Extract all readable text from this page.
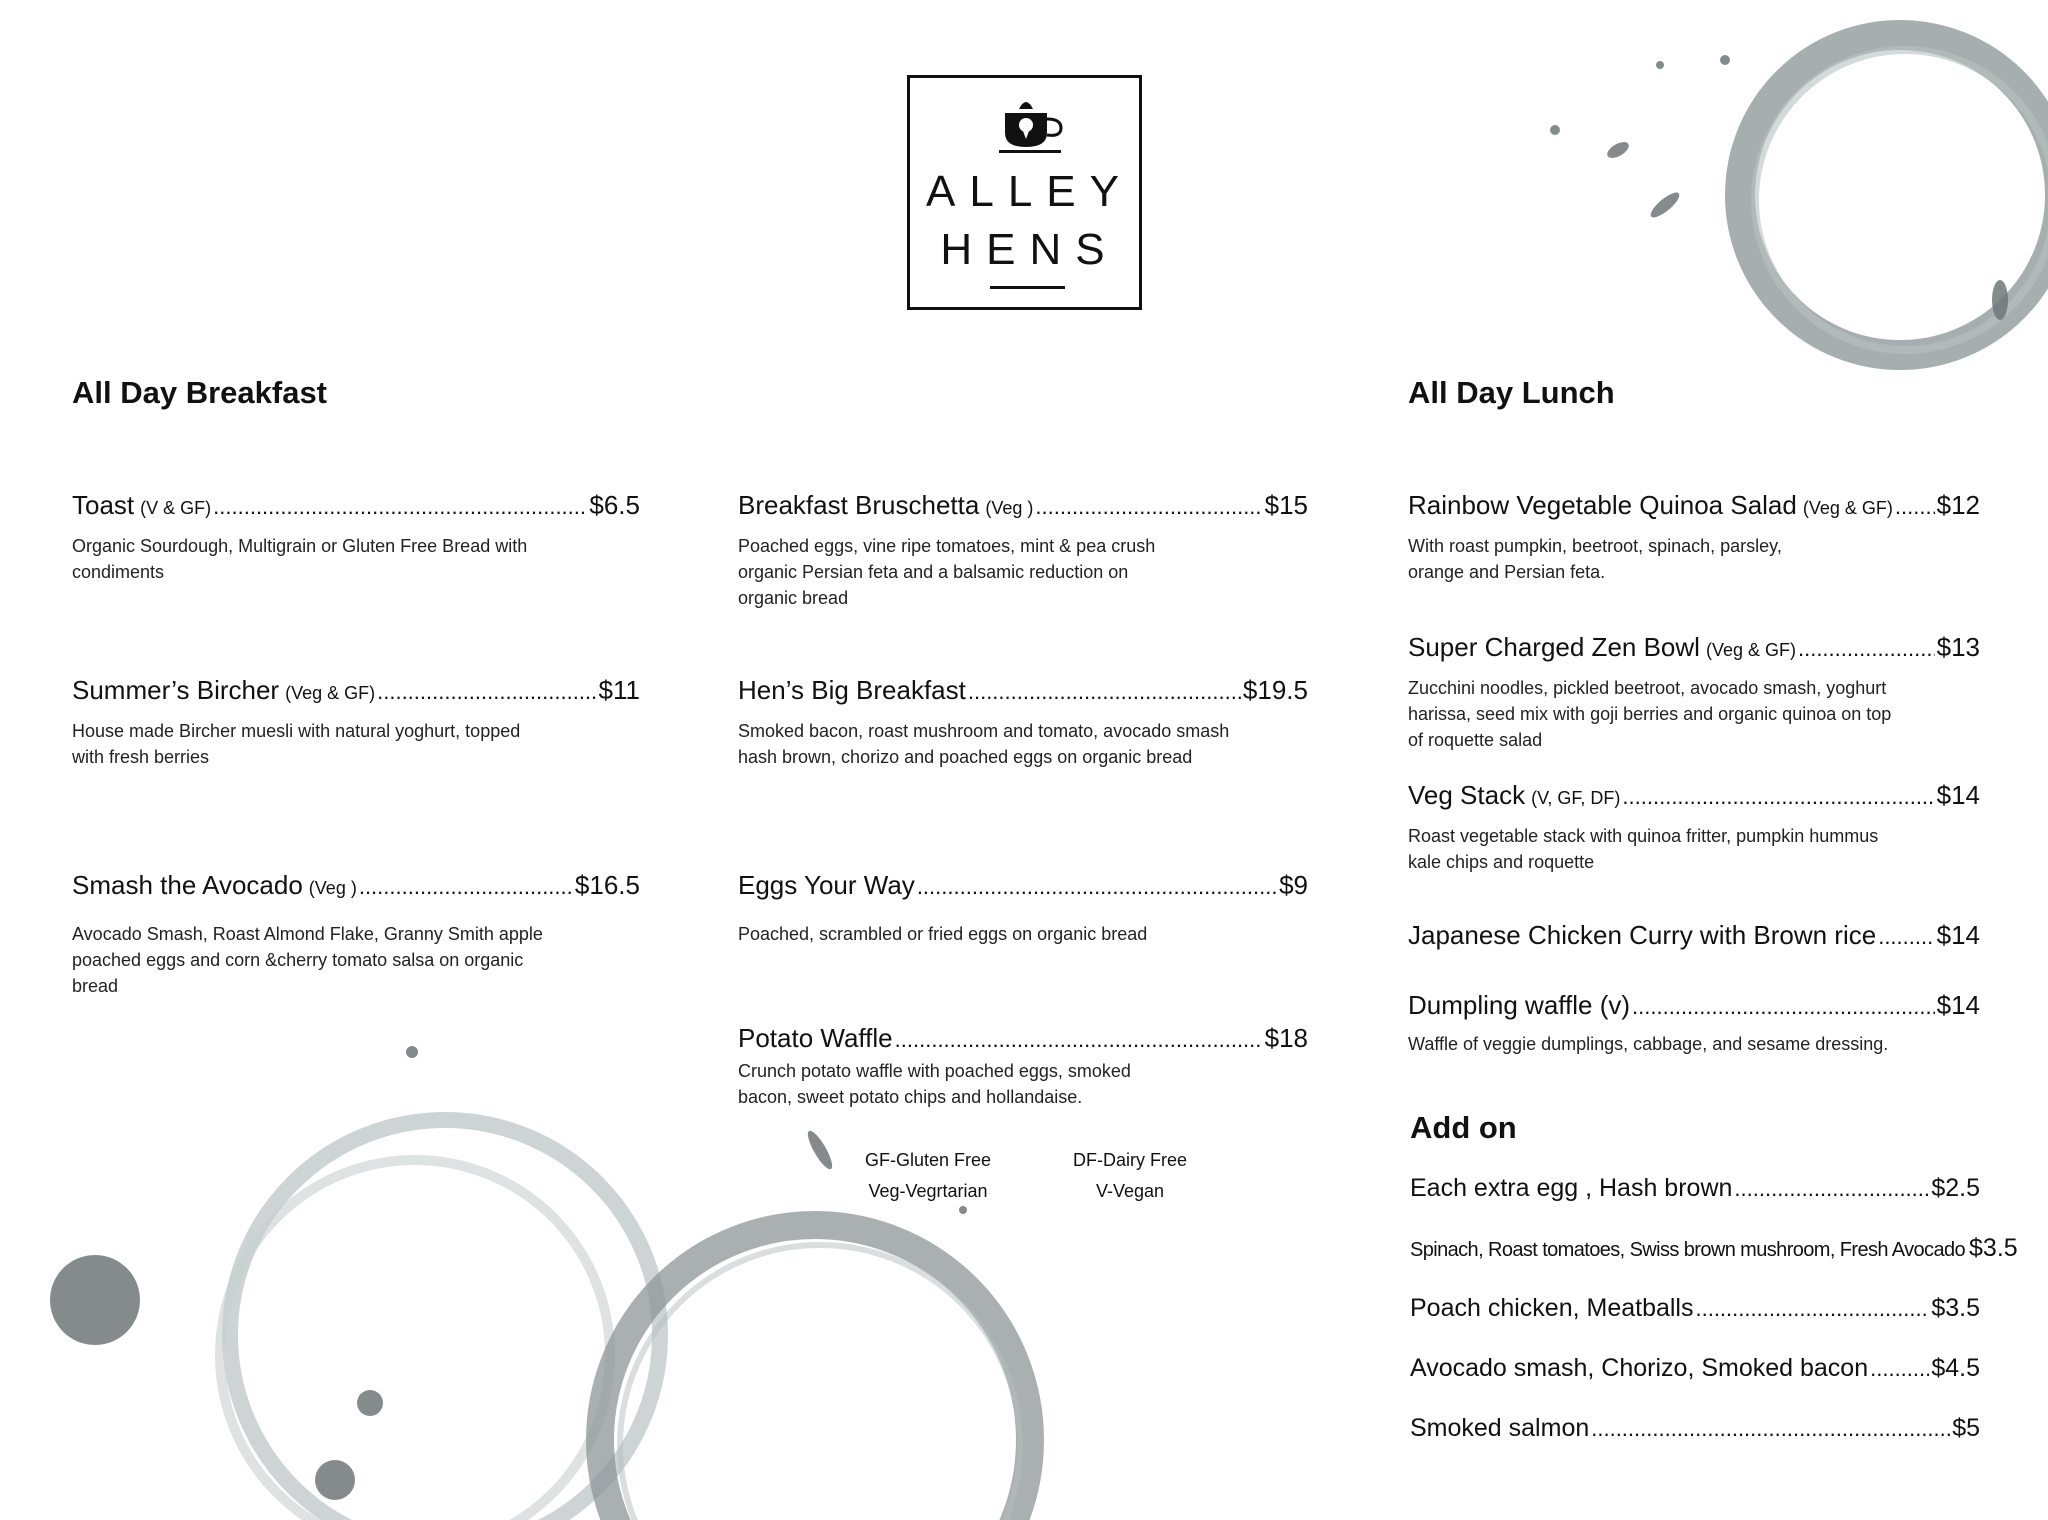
ALLEY
HENS
All Day Breakfast
Toast (V & GF) .....	$6.5
Organic Sourdough, Multigrain or Gluten Free Bread with
condiments
Summer’s Bircher (Veg & GF) .....	$11
House made Bircher muesli with natural yoghurt, topped
with fresh berries
Smash the Avocado (Veg ) .....	$16.5
Avocado Smash, Roast Almond Flake, Granny Smith apple
poached eggs and corn &cherry tomato salsa on organic
bread
Breakfast Bruschetta (Veg ) .....	$15
Poached eggs, vine ripe tomatoes, mint & pea crush
organic Persian feta and a balsamic reduction on
organic bread
Hen’s Big Breakfast .....	$19.5
Smoked bacon, roast mushroom and tomato, avocado smash
hash brown, chorizo and poached eggs on organic bread
Eggs Your Way .....	$9
Poached, scrambled or fried eggs on organic bread
Potato Waffle .....	$18
Crunch potato waffle with poached eggs, smoked
bacon, sweet potato chips and hollandaise.
GF-Gluten Free
Veg-Vegrtarian
DF-Dairy Free
V-Vegan
All Day Lunch
Rainbow Vegetable Quinoa Salad (Veg & GF) ..... $12
With roast pumpkin, beetroot, spinach, parsley,
orange and Persian feta.
Super Charged Zen Bowl (Veg & GF) .....	$13
Zucchini noodles, pickled beetroot, avocado smash, yoghurt
harissa, seed mix with goji berries and organic quinoa on top
of roquette salad
Veg Stack (V, GF, DF) .....	$14
Roast vegetable stack with quinoa fritter, pumpkin hummus
kale chips and roquette
Japanese Chicken Curry with Brown rice ..... $14
Dumpling waffle (v) .....	$14
Waffle of veggie dumplings, cabbage, and sesame dressing.
Add on
Each extra egg , Hash brown .....	$2.5
Spinach, Roast tomatoes, Swiss brown mushroom, Fresh Avocado $3.5
Poach chicken, Meatballs .....	$3.5
Avocado smash, Chorizo, Smoked bacon .....	$4.5
Smoked salmon .....	$5
